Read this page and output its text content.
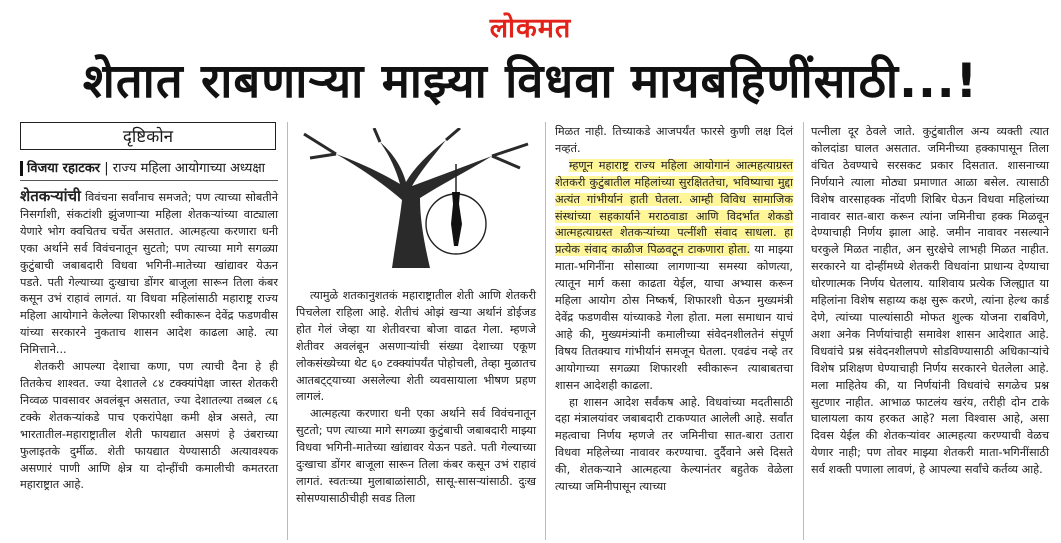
लोकमत
शेतात राबणाऱ्या माझ्या विधवा मायबहिणींसाठी...!
दृष्टिकोन
विजया रहाटकर | राज्य महिला आयोगाच्या अध्यक्षा

शेतकऱ्यांची विवंचना सर्वांनाच समजते; पण त्याच्या सोबतीने निसर्गाशी, संकटांशी झुंजणाऱ्या महिला शेतकऱ्यांच्या वाट्याला येणारे भोग क्वचितच चर्चेत असतात. आत्महत्या करणारा धनी एका अर्थाने सर्व विवंचनातून सुटतो; पण त्याच्या मागे सगळ्या कुटुंबाची जबाबदारी विधवा भगिनी-मातेच्या खांद्यावर येऊन पडते. पती गेल्याच्या दुःखाचा डोंगर बाजूला सारून तिला कंबर कसून उभं राहावं लागतं. या विधवा महिलांसाठी महाराष्ट्र राज्य महिला आयोगाने केलेल्या शिफारशी स्वीकारून देवेंद्र फडणवीस यांच्या सरकारने नुकताच शासन आदेश काढला आहे. त्या निमित्ताने...

शेतकरी आपल्या देशाचा कणा, पण त्याची दैना हे ही तितकेच शाश्वत. ज्या देशातले ८४ टक्क्यांपेक्षा जास्त शेतकरी निव्वळ पावसावर अवलंबून असतात, ज्या देशातल्या तब्बल ८६ टक्के शेतकऱ्यांकडे पाच एकरांपेक्षा कमी क्षेत्र असते, त्या भारतातील-महाराष्ट्रातील शेती फायद्यात असणं हे उंबराच्या फुलाइतके दुर्मीळ. शेती फायद्यात येण्यासाठी अत्यावश्यक असणारं पाणी आणि क्षेत्र या दोन्हींची कमालीची कमतरता महाराष्ट्रात आहे.

त्यामुळे शतकानुशतकं महाराष्ट्रातील शेती आणि शेतकरी पिचलेला राहिला आहे. शेतीचं ओझं खऱ्या अर्थानं डोईजड होत गेलं जेव्हा या शेतीवरचा बोजा वाढत गेला. म्हणजे शेतीवर अवलंबून असणाऱ्यांची संख्या देशाच्या एकूण लोकसंख्येच्या थेट ६० टक्क्यांपर्यंत पोहोचली, तेव्हा मुळातच आतबट्ट्याच्या असलेल्या शेती व्यवसायाला भीषण प्रहण लागलं.

आत्महत्या करणारा धनी एका अर्थाने सर्व विवंचनातून सुटतो; पण त्याच्या मागे सगळ्या कुटुंबाची जबाबदारी माझ्या विधवा भगिनी-मातेच्या खांद्यावर येऊन पडते. पती गेल्याच्या दुःखाचा डोंगर बाजूला सारून तिला कंबर कसून उभं राहावं लागतं. स्वतःच्या मुलाबाळांसाठी, सासू-सासऱ्यांसाठी. दुःख सोसण्यासाठीचीही सवड तिला

मिळत नाही. तिच्याकडे आजपर्यंत फारसे कुणी लक्ष दिलं नव्हतं.

म्हणून महाराष्ट्र राज्य महिला आयोगानं आत्महत्याग्रस्त शेतकरी कुटुंबातील महिलांच्या सुरक्षिततेचा, भविष्याचा मुद्दा अत्यंत गांभीर्यानं हाती घेतला. आम्ही विविध सामाजिक संस्थांच्या सहकार्याने मराठवाडा आणि विदर्भात शेकडो आत्महत्याग्रस्त शेतकऱ्यांच्या पत्नींशी संवाद साधला. हा प्रत्येक संवाद काळीज पिळवटून टाकणारा होता. या माझ्या माता-भगिनींना सोसाव्या लागणाऱ्या समस्या कोणत्या, त्यातून मार्ग कसा काढता येईल, याचा अभ्यास करून महिला आयोग ठोस निष्कर्ष, शिफारशी घेऊन मुख्यमंत्री देवेंद्र फडणवीस यांच्याकडे गेला होता. मला समाधान याचं आहे की, मुख्यमंत्र्यांनी कमालीच्या संवेदनशीलतेनं संपूर्ण विषय तितक्याच गांभीर्यानं समजून घेतला. एवढंच नव्हे तर आयोगाच्या सगळ्या शिफारशी स्वीकारून त्याबाबतचा शासन आदेशही काढला.

हा शासन आदेश सर्वंकष आहे. विधवांच्या मदतीसाठी दहा मंत्रालयांवर जबाबदारी टाकण्यात आलेली आहे. सर्वांत महत्वाचा निर्णय म्हणजे तर जमिनीचा सात-बारा उतारा विधवा महिलेच्या नावावर करण्याचा. दुर्दैवाने असे दिसते की, शेतकऱ्याने आत्महत्या केल्यानंतर बहुतेक वेळेला त्याच्या जमिनीपासून त्याच्या

पत्नीला दूर ठेवले जाते. कुटुंबातील अन्य व्यक्ती त्यात कोलदांडा घालत असतात. जमिनीच्या हक्कापासून तिला वंचित ठेवण्याचे सरसकट प्रकार दिसतात. शासनाच्या निर्णयाने त्याला मोठ्या प्रमाणात आळा बसेल. त्यासाठी विशेष वारसाहक्क नोंदणी शिबिर घेऊन विधवा महिलांच्या नावावर सात-बारा करून त्यांना जमिनीचा हक्क मिळवून देण्याचाही निर्णय झाला आहे. जमीन नावावर नसल्याने घरकुले मिळत नाहीत, अन सुरक्षेचे लाभही मिळत नाहीत. सरकारने या दोन्हींमध्ये शेतकरी विधवांना प्राधान्य देण्याचा धोरणात्मक निर्णय घेतलाय. याशिवाय प्रत्येक जिल्ह्यात या महिलांना विशेष सहाय्य कक्ष सुरू करणे, त्यांना हेल्थ कार्ड देणे, त्यांच्या पाल्यांसाठी मोफत शुल्क योजना राबविणे, अशा अनेक निर्णयांचाही समावेश शासन आदेशात आहे. विधवांचे प्रश्न संवेदनशीलपणे सोडविण्यासाठी अधिकाऱ्यांचे विशेष प्रशिक्षण घेण्याचाही निर्णय सरकारने घेतलेला आहे. मला माहितेय की, या निर्णयांनी विधवांचे सगळेच प्रश्न सुटणार नाहीत. आभाळ फाटलंय खरंय, तरीही दोन टाके घालायला काय हरकत आहे? मला विश्वास आहे, असा दिवस येईल की शेतकऱ्यांवर आत्महत्या करण्याची वेळच येणार नाही; पण तोवर माझ्या शेतकरी माता-भगिनींसाठी सर्व शक्ती पणाला लावणं, हे आपल्या सर्वांचे कर्तव्य आहे.
